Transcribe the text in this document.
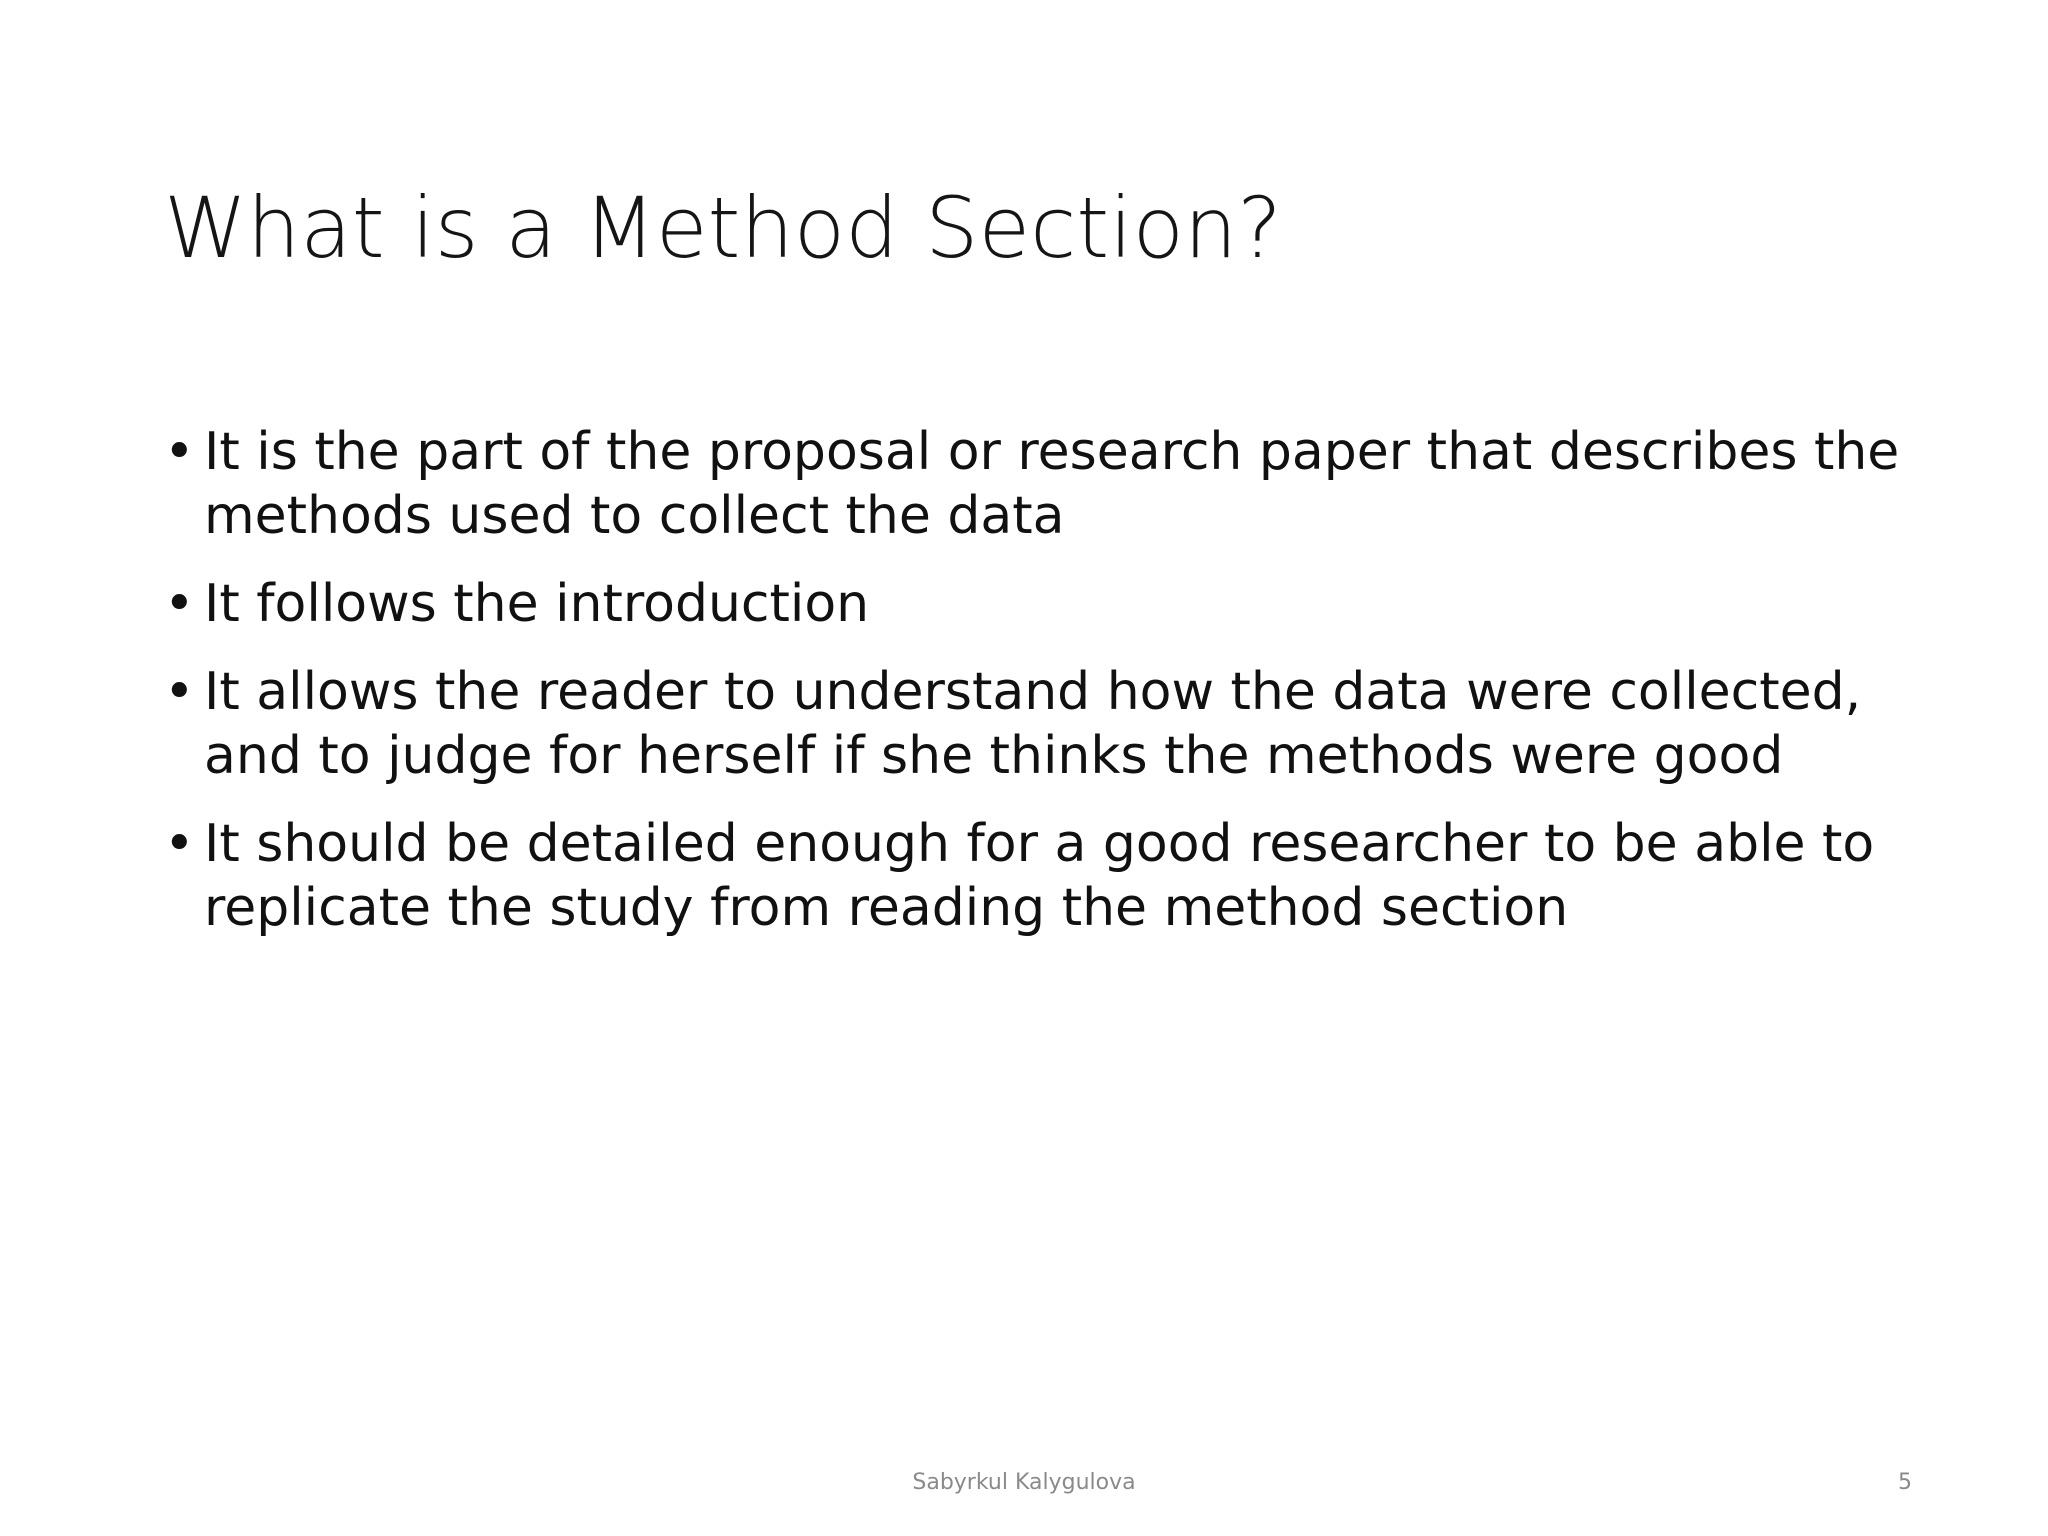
What is a Method Section?
• It is the part of the proposal or research paper that describes the methods used to collect the data
• It follows the introduction
• It allows the reader to understand how the data were collected, and to judge for herself if she thinks the methods were good
• It should be detailed enough for a good researcher to be able to replicate the study from reading the method section
Sabyrkul Kalygulova	5
